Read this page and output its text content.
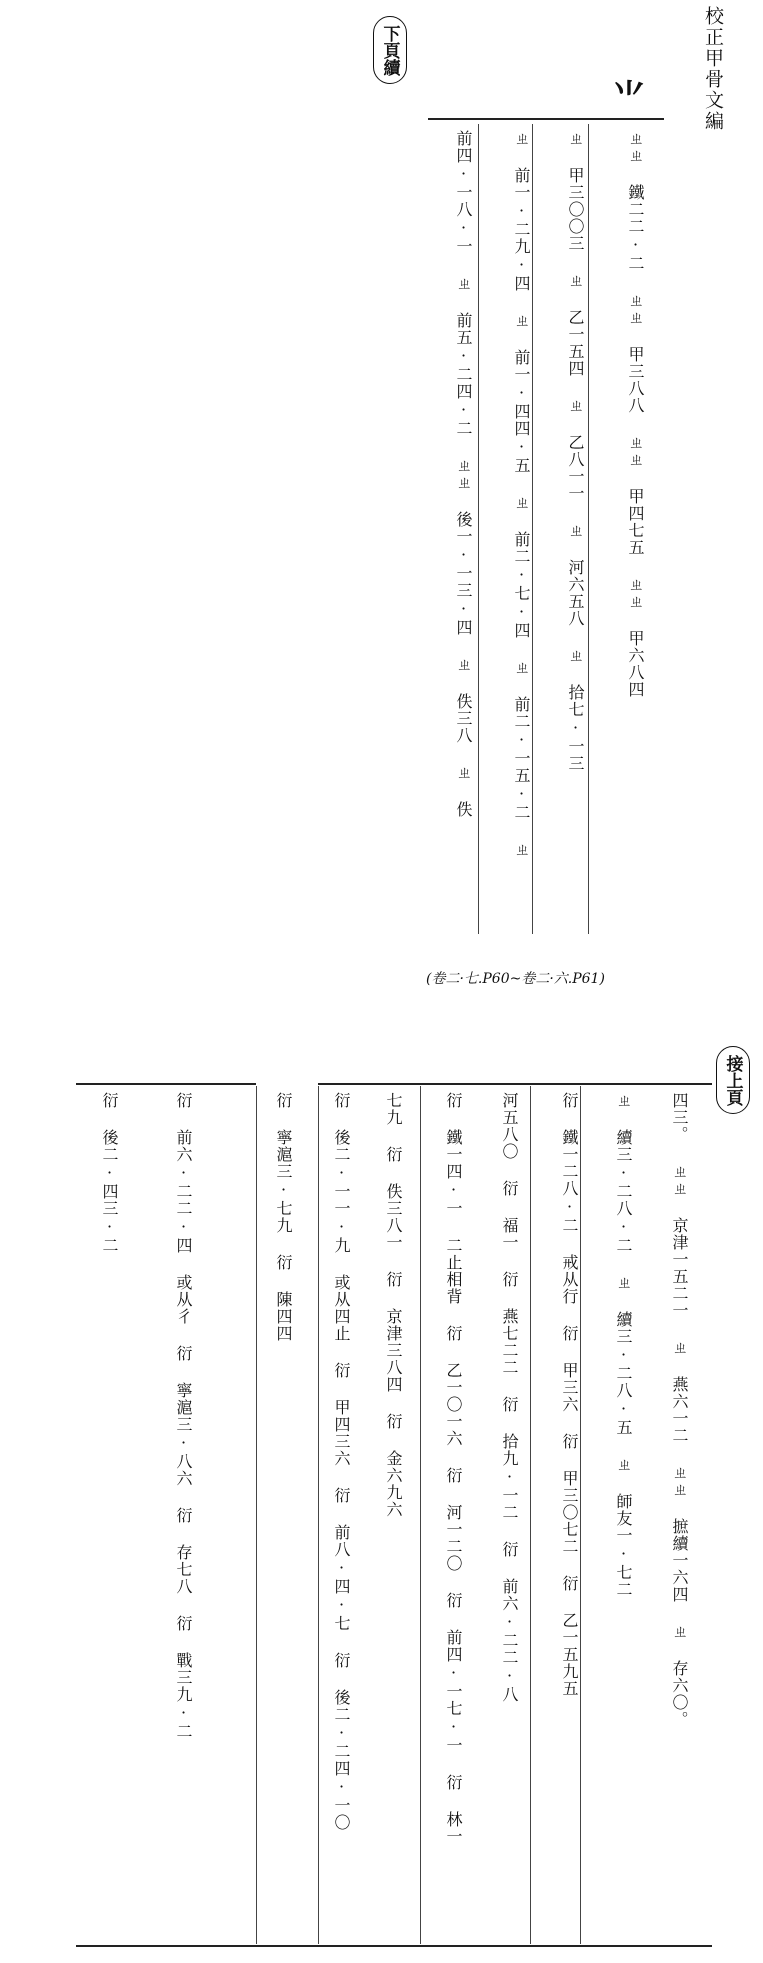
校正甲骨文編
下頁續
⺌
ㄓㄓ 鐵二二·二 ㄓㄓ 甲三八八 ㄓㄓ 甲四七五 ㄓㄓ 甲六八四
ㄓ 甲三〇〇三 ㄓ 乙一五四 ㄓ 乙八一一 ㄓ 河六五八 ㄓ 拾七·一三
ㄓ 前一·二九·四 ㄓ 前一·四四·五 ㄓ 前二·七·四 ㄓ 前二·一五·二 ㄓ
前四·一八·一 ㄓ 前五·二四·二 ㄓㄓ 後一·一三·四 ㄓ 佚三八 ㄓ 佚
(卷二·七.P60~卷二·六.P61)
接上頁
四三。 ㄓㄓ 京津一五二一 ㄓ 燕六一二 ㄓㄓ 摭續一六四 ㄓ 存六〇。
ㄓ 續三·二八·二 ㄓ 續三·二八·五 ㄓ 師友一·七二
衍 鐵一二八·二 戒从行 衍 甲三六 衍 甲三〇七二 衍 乙一五九五
河五八〇 衍 福一 衍 燕七二二 衍 拾九·一二 衍 前六·二二·八
衍 鐵一四·一 二止相背 衍 乙一〇一六 衍 河一二〇 衍 前四·一七·一 衍 林一
七九 衍 佚三八一 衍 京津三八四 衍 金六九六
衍 後二·一一·九 或从四止 衍 甲四三六 衍 前八·四·七 衍 後二·二四·一〇
衍 寧滬三·七九 衍 陳四四
衍 前六·二二·四 或从彳 衍 寧滬三·八六 衍 存七八 衍 戰三九·二
衍 後二·四三·二
